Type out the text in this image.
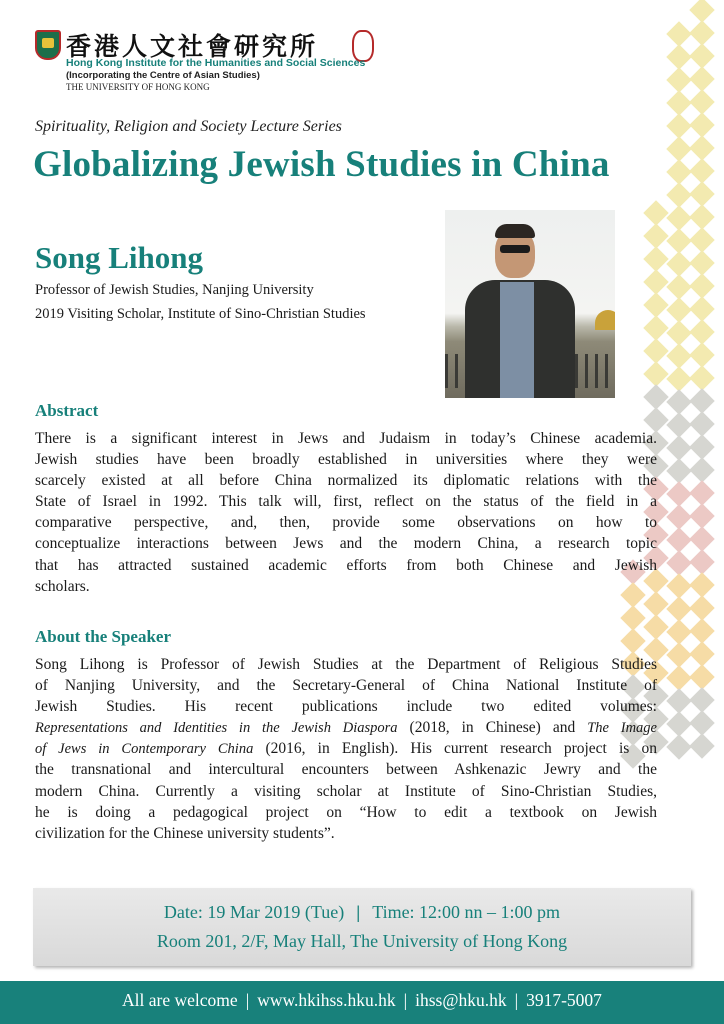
香港人文社會研究所
Hong Kong Institute for the Humanities and Social Sciences
(Incorporating the Centre of Asian Studies)
THE UNIVERSITY OF HONG KONG
Spirituality, Religion and Society Lecture Series
Globalizing Jewish Studies in China
Song Lihong
Professor of Jewish Studies, Nanjing University
2019 Visiting Scholar, Institute of Sino-Christian Studies
Abstract
There is a significant interest in Jews and Judaism in today’s Chinese academia.
Jewish studies have been broadly established in universities where they were
scarcely existed at all before China normalized its diplomatic relations with the
State of Israel in 1992. This talk will, first, reflect on the status of the field in a
comparative perspective, and, then, provide some observations on how to
conceptualize interactions between Jews and the modern China, a research topic
that has attracted sustained academic efforts from both Chinese and Jewish
scholars.
About the Speaker
Song Lihong is Professor of Jewish Studies at the Department of Religious Studies
of Nanjing University, and the Secretary-General of China National Institute of
Jewish Studies. His recent publications include two edited volumes:
Representations and Identities in the Jewish Diaspora (2018, in Chinese) and The Image
of Jews in Contemporary China (2016, in English). His current research project is on
the transnational and intercultural encounters between Ashkenazic Jewry and the
modern China. Currently a visiting scholar at Institute of Sino-Christian Studies,
he is doing a pedagogical project on “How to edit a textbook on Jewish
civilization for the Chinese university students”.
Date: 19 Mar 2019 (Tue) | Time: 12:00 nn – 1:00 pm
Room 201, 2/F, May Hall, The University of Hong Kong
All are welcome | www.hkihss.hku.hk | ihss@hku.hk | 3917-5007
